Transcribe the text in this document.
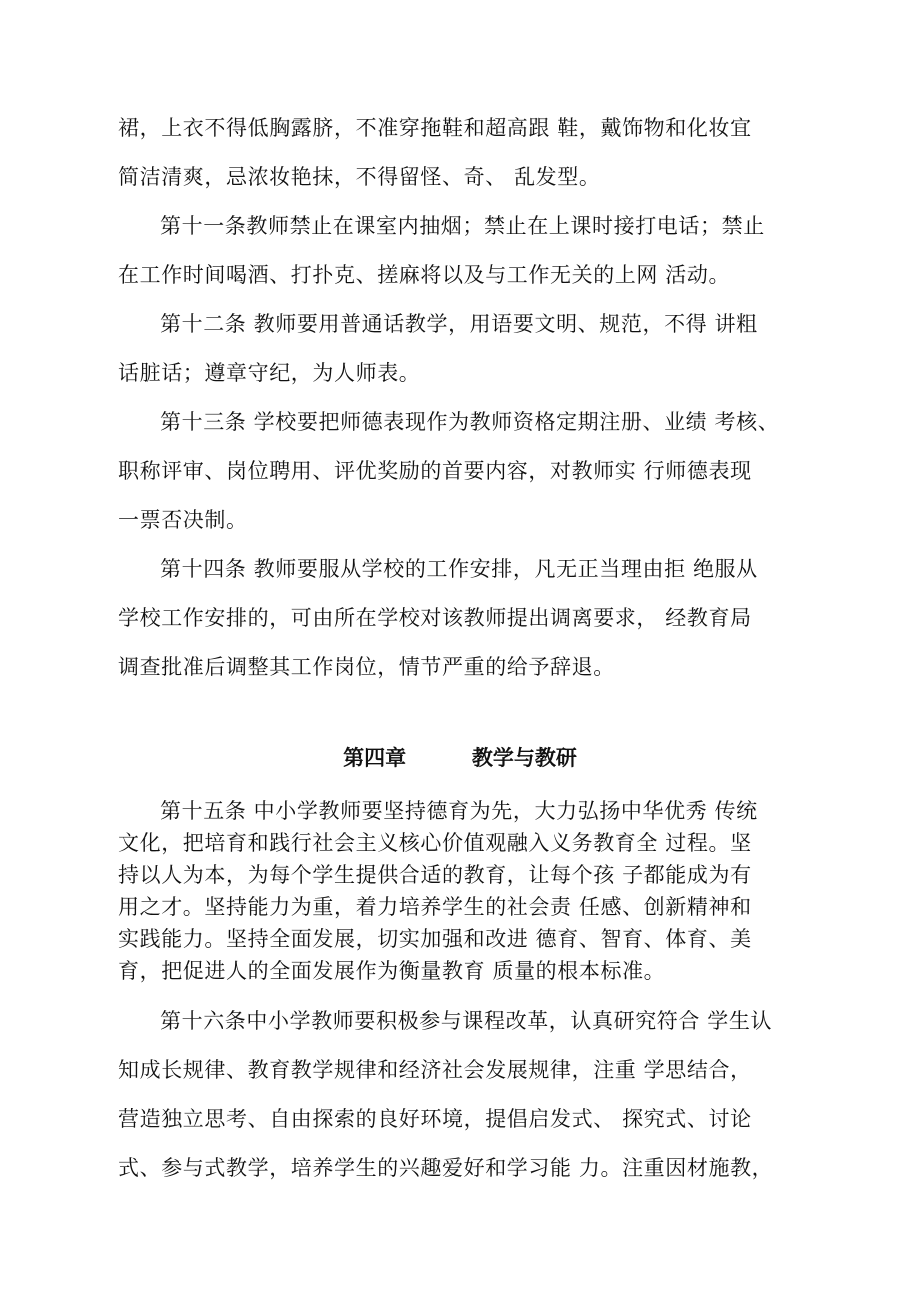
裙，上衣不得低胸露脐，不准穿拖鞋和超高跟 鞋，戴饰物和化妆宜
简洁清爽，忌浓妆艳抹，不得留怪、奇、 乱发型。
第十一条教师禁止在课室内抽烟；禁止在上课时接打电话；禁止
在工作时间喝酒、打扑克、搓麻将以及与工作无关的上网 活动。
第十二条 教师要用普通话教学，用语要文明、规范，不得 讲粗
话脏话；遵章守纪，为人师表。
第十三条 学校要把师德表现作为教师资格定期注册、业绩 考核、
职称评审、岗位聘用、评优奖励的首要内容，对教师实 行师德表现
一票否决制。
第十四条 教师要服从学校的工作安排，凡无正当理由拒 绝服从
学校工作安排的，可由所在学校对该教师提出调离要求， 经教育局
调查批准后调整其工作岗位，情节严重的给予辞退。
第四章         教学与教研
第十五条 中小学教师要坚持德育为先，大力弘扬中华优秀 传统
文化，把培育和践行社会主义核心价值观融入义务教育全 过程。坚
持以人为本，为每个学生提供合适的教育，让每个孩 子都能成为有
用之才。坚持能力为重，着力培养学生的社会责 任感、创新精神和
实践能力。坚持全面发展，切实加强和改进 德育、智育、体育、美
育，把促进人的全面发展作为衡量教育 质量的根本标准。
第十六条中小学教师要积极参与课程改革，认真研究符合 学生认
知成长规律、教育教学规律和经济社会发展规律，注重 学思结合，
营造独立思考、自由探索的良好环境，提倡启发式、 探究式、讨论
式、参与式教学，培养学生的兴趣爱好和学习能 力。注重因材施教，
